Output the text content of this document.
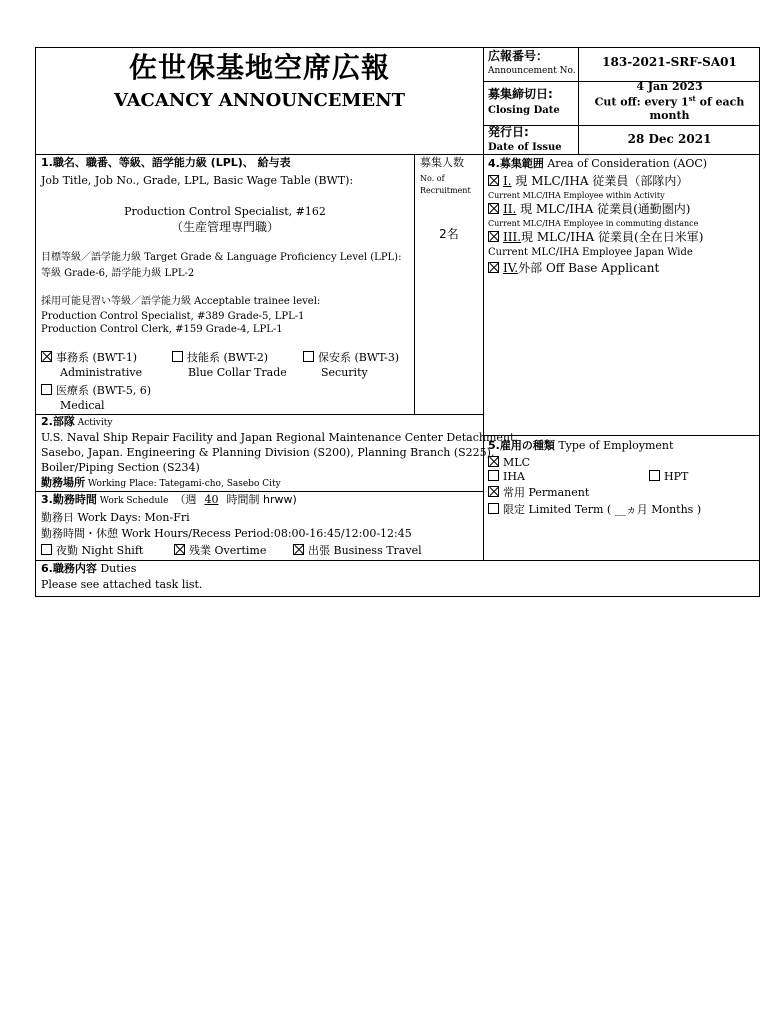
佐世保基地空席広報
VACANCY ANNOUNCEMENT
広報番号：
Announcement No.
183-2021-SRF-SA01
募集締切日:
Closing Date
4 Jan 2023
Cut off: every 1st of each
month
発行日:
Date of Issue
28 Dec 2021
1.職名、職番、等級、語学能力級 (LPL)、 給与表
Job Title, Job No., Grade, LPL, Basic Wage Table (BWT):
Production Control Specialist, #162
（生産管理専門職）
目標等級／語学能力級 Target Grade & Language Proficiency Level (LPL):
等級 Grade-6, 語学能力級 LPL-2
採用可能見習い等級／語学能力級 Acceptable trainee level:
Production Control Specialist, #389 Grade-5, LPL-1
Production Control Clerk, #159 Grade-4, LPL-1
事務系 (BWT-1)
Administrative
技能系 (BWT-2)
Blue Collar Trade
保安系 (BWT-3)
Security
医療系 (BWT-5, 6)
Medical
募集人数
No. of
Recruitment
2名
4.募集範囲 Area of Consideration (AOC)
I. 現 MLC/IHA 従業員（部隊内）
Current MLC/IHA Employee within Activity
II. 現 MLC/IHA 従業員(通勤圏内)
Current MLC/IHA Employee in commuting distance
III.現 MLC/IHA 従業員(全在日米軍)
Current MLC/IHA Employee Japan Wide
IV.外部 Off Base Applicant
2.部隊 Activity
U.S. Naval Ship Repair Facility and Japan Regional Maintenance Center Detachment,
Sasebo, Japan. Engineering & Planning Division (S200), Planning Branch (S225),
Boiler/Piping Section (S234)
勤務場所 Working Place: Tategami-cho, Sasebo City
3.勤務時間 Work Schedule （週 40 時間制 hrww)
勤務日 Work Days: Mon-Fri
勤務時間・休憩 Work Hours/Recess Period:08:00-16:45/12:00-12:45
夜勤 Night Shift	残業 Overtime	出張 Business Travel
5.雇用の種類 Type of Employment
MLC
IHA	HPT
常用 Permanent
限定 Limited Term ( __ヵ月 Months )
6.職務内容 Duties
Please see attached task list.
